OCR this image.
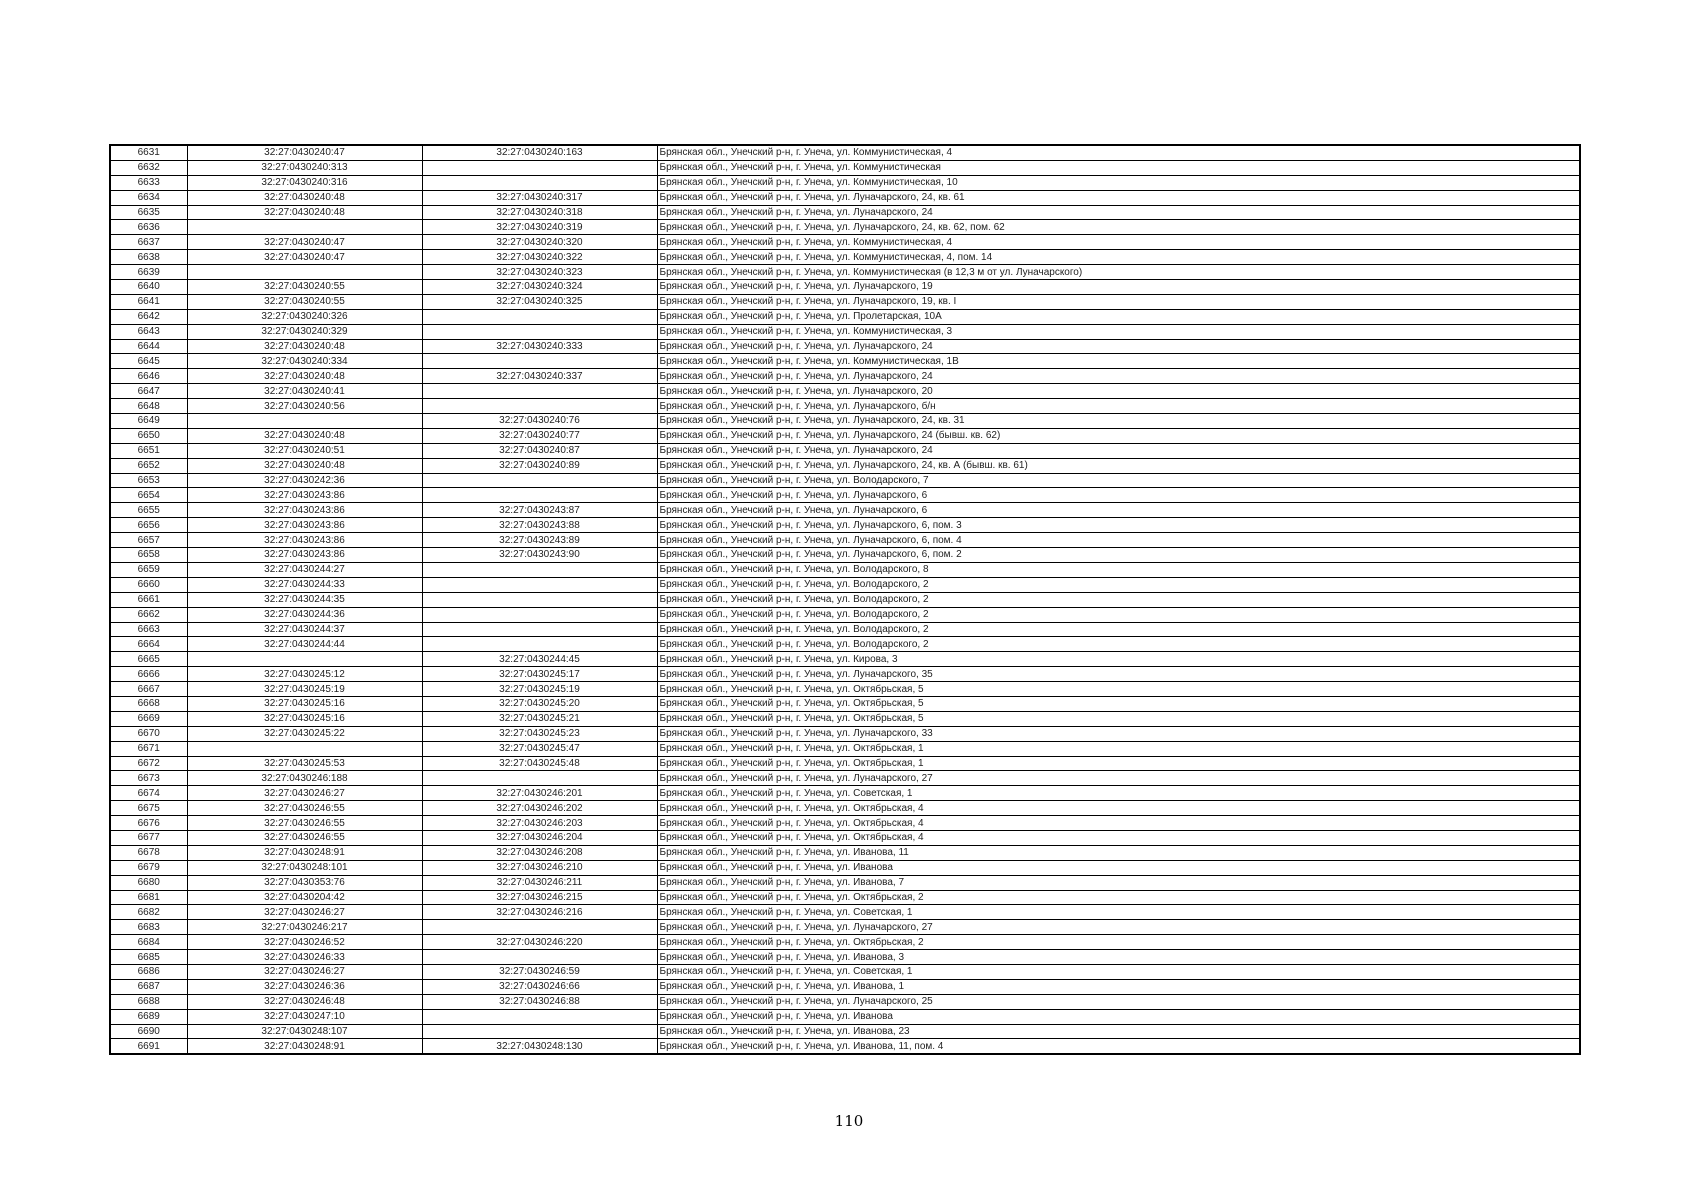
6631	32:27:0430240:47	32:27:0430240:163	Брянская обл., Унечский р-н, г. Унеча, ул. Коммунистическая, 4
6632	32:27:0430240:313		Брянская обл., Унечский р-н, г. Унеча, ул. Коммунистическая
6633	32:27:0430240:316		Брянская обл., Унечский р-н, г. Унеча, ул. Коммунистическая, 10
6634	32:27:0430240:48	32:27:0430240:317	Брянская обл., Унечский р-н, г. Унеча, ул. Луначарского, 24, кв. 61
6635	32:27:0430240:48	32:27:0430240:318	Брянская обл., Унечский р-н, г. Унеча, ул. Луначарского, 24
6636		32:27:0430240:319	Брянская обл., Унечский р-н, г. Унеча, ул. Луначарского, 24, кв. 62, пом. 62
6637	32:27:0430240:47	32:27:0430240:320	Брянская обл., Унечский р-н, г. Унеча, ул. Коммунистическая, 4
6638	32:27:0430240:47	32:27:0430240:322	Брянская обл., Унечский р-н, г. Унеча, ул. Коммунистическая, 4, пом. 14
6639		32:27:0430240:323	Брянская обл., Унечский р-н, г. Унеча, ул. Коммунистическая (в 12,3 м от ул. Луначарского)
6640	32:27:0430240:55	32:27:0430240:324	Брянская обл., Унечский р-н, г. Унеча, ул. Луначарского, 19
6641	32:27:0430240:55	32:27:0430240:325	Брянская обл., Унечский р-н, г. Унеча, ул. Луначарского, 19, кв. I
6642	32:27:0430240:326		Брянская обл., Унечский р-н, г. Унеча, ул. Пролетарская, 10А
6643	32:27:0430240:329		Брянская обл., Унечский р-н, г. Унеча, ул. Коммунистическая, 3
6644	32:27:0430240:48	32:27:0430240:333	Брянская обл., Унечский р-н, г. Унеча, ул. Луначарского, 24
6645	32:27:0430240:334		Брянская обл., Унечский р-н, г. Унеча, ул. Коммунистическая, 1В
6646	32:27:0430240:48	32:27:0430240:337	Брянская обл., Унечский р-н, г. Унеча, ул. Луначарского, 24
6647	32:27:0430240:41		Брянская обл., Унечский р-н, г. Унеча, ул. Луначарского, 20
6648	32:27:0430240:56		Брянская обл., Унечский р-н, г. Унеча, ул. Луначарского, б/н
6649		32:27:0430240:76	Брянская обл., Унечский р-н, г. Унеча, ул. Луначарского, 24, кв. 31
6650	32:27:0430240:48	32:27:0430240:77	Брянская обл., Унечский р-н, г. Унеча, ул. Луначарского, 24 (бывш. кв. 62)
6651	32:27:0430240:51	32:27:0430240:87	Брянская обл., Унечский р-н, г. Унеча, ул. Луначарского, 24
6652	32:27:0430240:48	32:27:0430240:89	Брянская обл., Унечский р-н, г. Унеча, ул. Луначарского, 24, кв. А (бывш. кв. 61)
6653	32:27:0430242:36		Брянская обл., Унечский р-н, г. Унеча, ул. Володарского, 7
6654	32:27:0430243:86		Брянская обл., Унечский р-н, г. Унеча, ул. Луначарского, 6
6655	32:27:0430243:86	32:27:0430243:87	Брянская обл., Унечский р-н, г. Унеча, ул. Луначарского, 6
6656	32:27:0430243:86	32:27:0430243:88	Брянская обл., Унечский р-н, г. Унеча, ул. Луначарского, 6, пом. 3
6657	32:27:0430243:86	32:27:0430243:89	Брянская обл., Унечский р-н, г. Унеча, ул. Луначарского, 6, пом. 4
6658	32:27:0430243:86	32:27:0430243:90	Брянская обл., Унечский р-н, г. Унеча, ул. Луначарского, 6, пом. 2
6659	32:27:0430244:27		Брянская обл., Унечский р-н, г. Унеча, ул. Володарского, 8
6660	32:27:0430244:33		Брянская обл., Унечский р-н, г. Унеча, ул. Володарского, 2
6661	32:27:0430244:35		Брянская обл., Унечский р-н, г. Унеча, ул. Володарского, 2
6662	32:27:0430244:36		Брянская обл., Унечский р-н, г. Унеча, ул. Володарского, 2
6663	32:27:0430244:37		Брянская обл., Унечский р-н, г. Унеча, ул. Володарского, 2
6664	32:27:0430244:44		Брянская обл., Унечский р-н, г. Унеча, ул. Володарского, 2
6665		32:27:0430244:45	Брянская обл., Унечский р-н, г. Унеча, ул. Кирова, 3
6666	32:27:0430245:12	32:27:0430245:17	Брянская обл., Унечский р-н, г. Унеча, ул. Луначарского, 35
6667	32:27:0430245:19	32:27:0430245:19	Брянская обл., Унечский р-н, г. Унеча, ул. Октябрьская, 5
6668	32:27:0430245:16	32:27:0430245:20	Брянская обл., Унечский р-н, г. Унеча, ул. Октябрьская, 5
6669	32:27:0430245:16	32:27:0430245:21	Брянская обл., Унечский р-н, г. Унеча, ул. Октябрьская, 5
6670	32:27:0430245:22	32:27:0430245:23	Брянская обл., Унечский р-н, г. Унеча, ул. Луначарского, 33
6671		32:27:0430245:47	Брянская обл., Унечский р-н, г. Унеча, ул. Октябрьская, 1
6672	32:27:0430245:53	32:27:0430245:48	Брянская обл., Унечский р-н, г. Унеча, ул. Октябрьская, 1
6673	32:27:0430246:188		Брянская обл., Унечский р-н, г. Унеча, ул. Луначарского, 27
6674	32:27:0430246:27	32:27:0430246:201	Брянская обл., Унечский р-н, г. Унеча, ул. Советская, 1
6675	32:27:0430246:55	32:27:0430246:202	Брянская обл., Унечский р-н, г. Унеча, ул. Октябрьская, 4
6676	32:27:0430246:55	32:27:0430246:203	Брянская обл., Унечский р-н, г. Унеча, ул. Октябрьская, 4
6677	32:27:0430246:55	32:27:0430246:204	Брянская обл., Унечский р-н, г. Унеча, ул. Октябрьская, 4
6678	32:27:0430248:91	32:27:0430246:208	Брянская обл., Унечский р-н, г. Унеча, ул. Иванова, 11
6679	32:27:0430248:101	32:27:0430246:210	Брянская обл., Унечский р-н, г. Унеча, ул. Иванова
6680	32:27:0430353:76	32:27:0430246:211	Брянская обл., Унечский р-н, г. Унеча, ул. Иванова, 7
6681	32:27:0430204:42	32:27:0430246:215	Брянская обл., Унечский р-н, г. Унеча, ул. Октябрьская, 2
6682	32:27:0430246:27	32:27:0430246:216	Брянская обл., Унечский р-н, г. Унеча, ул. Советская, 1
6683	32:27:0430246:217		Брянская обл., Унечский р-н, г. Унеча, ул. Луначарского, 27
6684	32:27:0430246:52	32:27:0430246:220	Брянская обл., Унечский р-н, г. Унеча, ул. Октябрьская, 2
6685	32:27:0430246:33		Брянская обл., Унечский р-н, г. Унеча, ул. Иванова, 3
6686	32:27:0430246:27	32:27:0430246:59	Брянская обл., Унечский р-н, г. Унеча, ул. Советская, 1
6687	32:27:0430246:36	32:27:0430246:66	Брянская обл., Унечский р-н, г. Унеча, ул. Иванова, 1
6688	32:27:0430246:48	32:27:0430246:88	Брянская обл., Унечский р-н, г. Унеча, ул. Луначарского, 25
6689	32:27:0430247:10		Брянская обл., Унечский р-н, г. Унеча, ул. Иванова
6690	32:27:0430248:107		Брянская обл., Унечский р-н, г. Унеча, ул. Иванова, 23
6691	32:27:0430248:91	32:27:0430248:130	Брянская обл., Унечский р-н, г. Унеча, ул. Иванова, 11, пом. 4
110
